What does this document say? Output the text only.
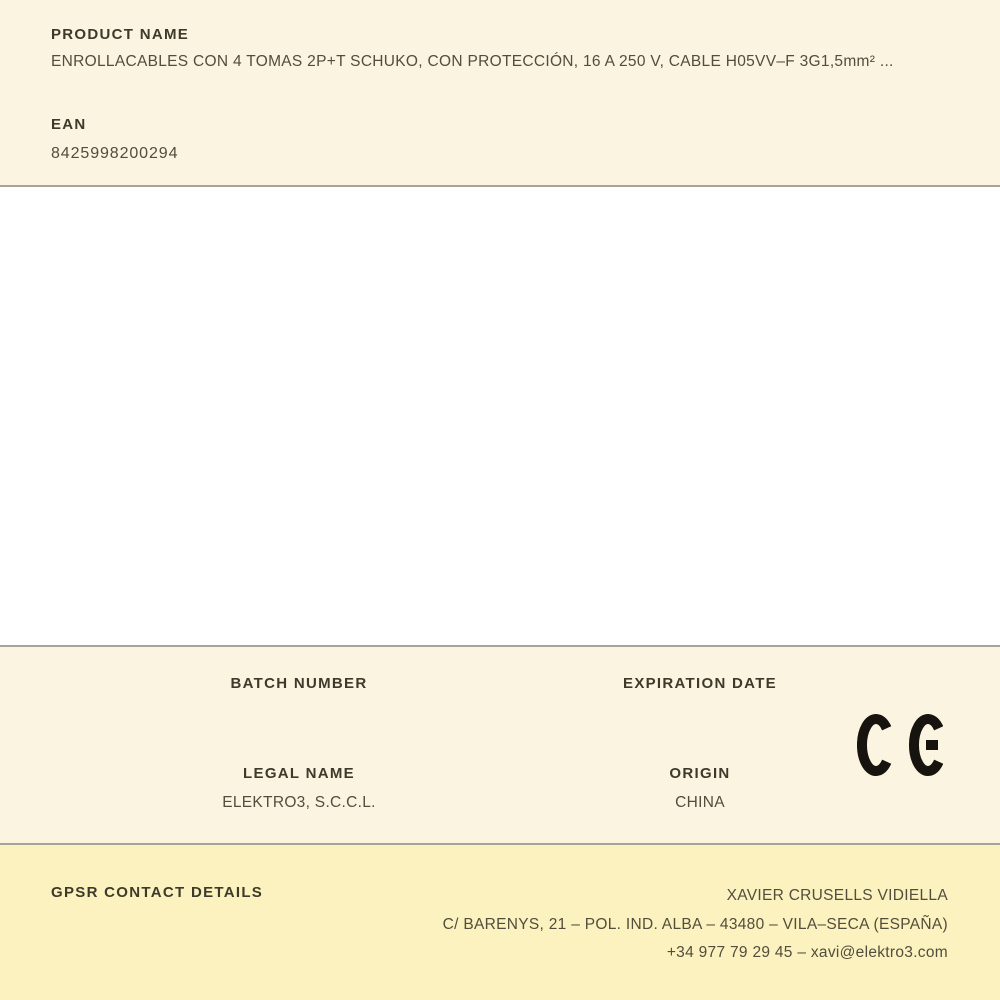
PRODUCT NAME
ENROLLACABLES CON 4 TOMAS 2P+T SCHUKO, CON PROTECCIÓN, 16 A 250 V, CABLE H05VV–F 3G1,5mm² ...
EAN
8425998200294
BATCH NUMBER
LEGAL NAME
ELEKTRO3, S.C.C.L.
EXPIRATION DATE
ORIGIN
CHINA
GPSR CONTACT DETAILS	XAVIER CRUSELLS VIDIELLA
C/ BARENYS, 21 – POL. IND. ALBA – 43480 – VILA–SECA (ESPAÑA)
+34 977 79 29 45 – xavi@elektro3.com
